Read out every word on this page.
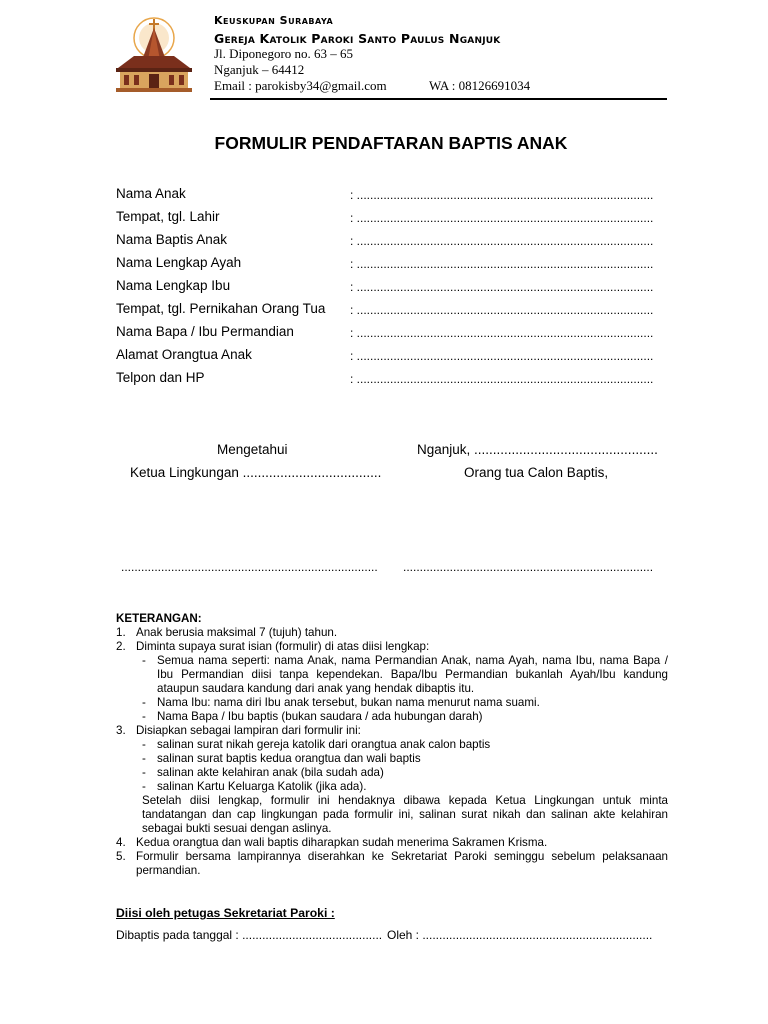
Keuskupan Surabaya
Gereja Katolik Paroki Santo Paulus Nganjuk
Jl. Diponegoro no. 63 – 65
Nganjuk – 64412
Email : parokisby34@gmail.com	WA : 08126691034
FORMULIR PENDAFTARAN BAPTIS ANAK
Nama Anak	: .........................................................................................
Tempat, tgl. Lahir	: .........................................................................................
Nama Baptis Anak	: .........................................................................................
Nama Lengkap Ayah	: .........................................................................................
Nama Lengkap Ibu	: .........................................................................................
Tempat, tgl. Pernikahan Orang Tua : .........................................................................................
Nama Bapa / Ibu Permandian	: .........................................................................................
Alamat Orangtua Anak	: .........................................................................................
Telpon dan HP	: .........................................................................................
Mengetahui	Nganjuk, .................................................
Ketua Lingkungan .....................................	Orang tua Calon Baptis,
............................................................................. ...........................................................................
KETERANGAN:
1. Anak berusia maksimal 7 (tujuh) tahun.
2. Diminta supaya surat isian (formulir) di atas diisi lengkap:
- Semua nama seperti: nama Anak, nama Permandian Anak, nama Ayah, nama Ibu, nama Bapa / Ibu Permandian diisi tanpa kependekan. Bapa/Ibu Permandian bukanlah Ayah/Ibu kandung ataupun saudara kandung dari anak yang hendak dibaptis itu.
- Nama Ibu: nama diri Ibu anak tersebut, bukan nama menurut nama suami.
- Nama Bapa / Ibu baptis (bukan saudara / ada hubungan darah)
3. Disiapkan sebagai lampiran dari formulir ini:
- salinan surat nikah gereja katolik dari orangtua anak calon baptis
- salinan surat baptis kedua orangtua dan wali baptis
- salinan akte kelahiran anak (bila sudah ada)
- salinan Kartu Keluarga Katolik (jika ada).
Setelah diisi lengkap, formulir ini hendaknya dibawa kepada Ketua Lingkungan untuk minta tandatangan dan cap lingkungan pada formulir ini, salinan surat nikah dan salinan akte kelahiran sebagai bukti sesuai dengan aslinya.
4. Kedua orangtua dan wali baptis diharapkan sudah menerima Sakramen Krisma.
5. Formulir bersama lampirannya diserahkan ke Sekretariat Paroki seminggu sebelum pelaksanaan permandian.
Diisi oleh petugas Sekretariat Paroki :
Dibaptis pada tanggal : .......................................... Oleh : .....................................................................
